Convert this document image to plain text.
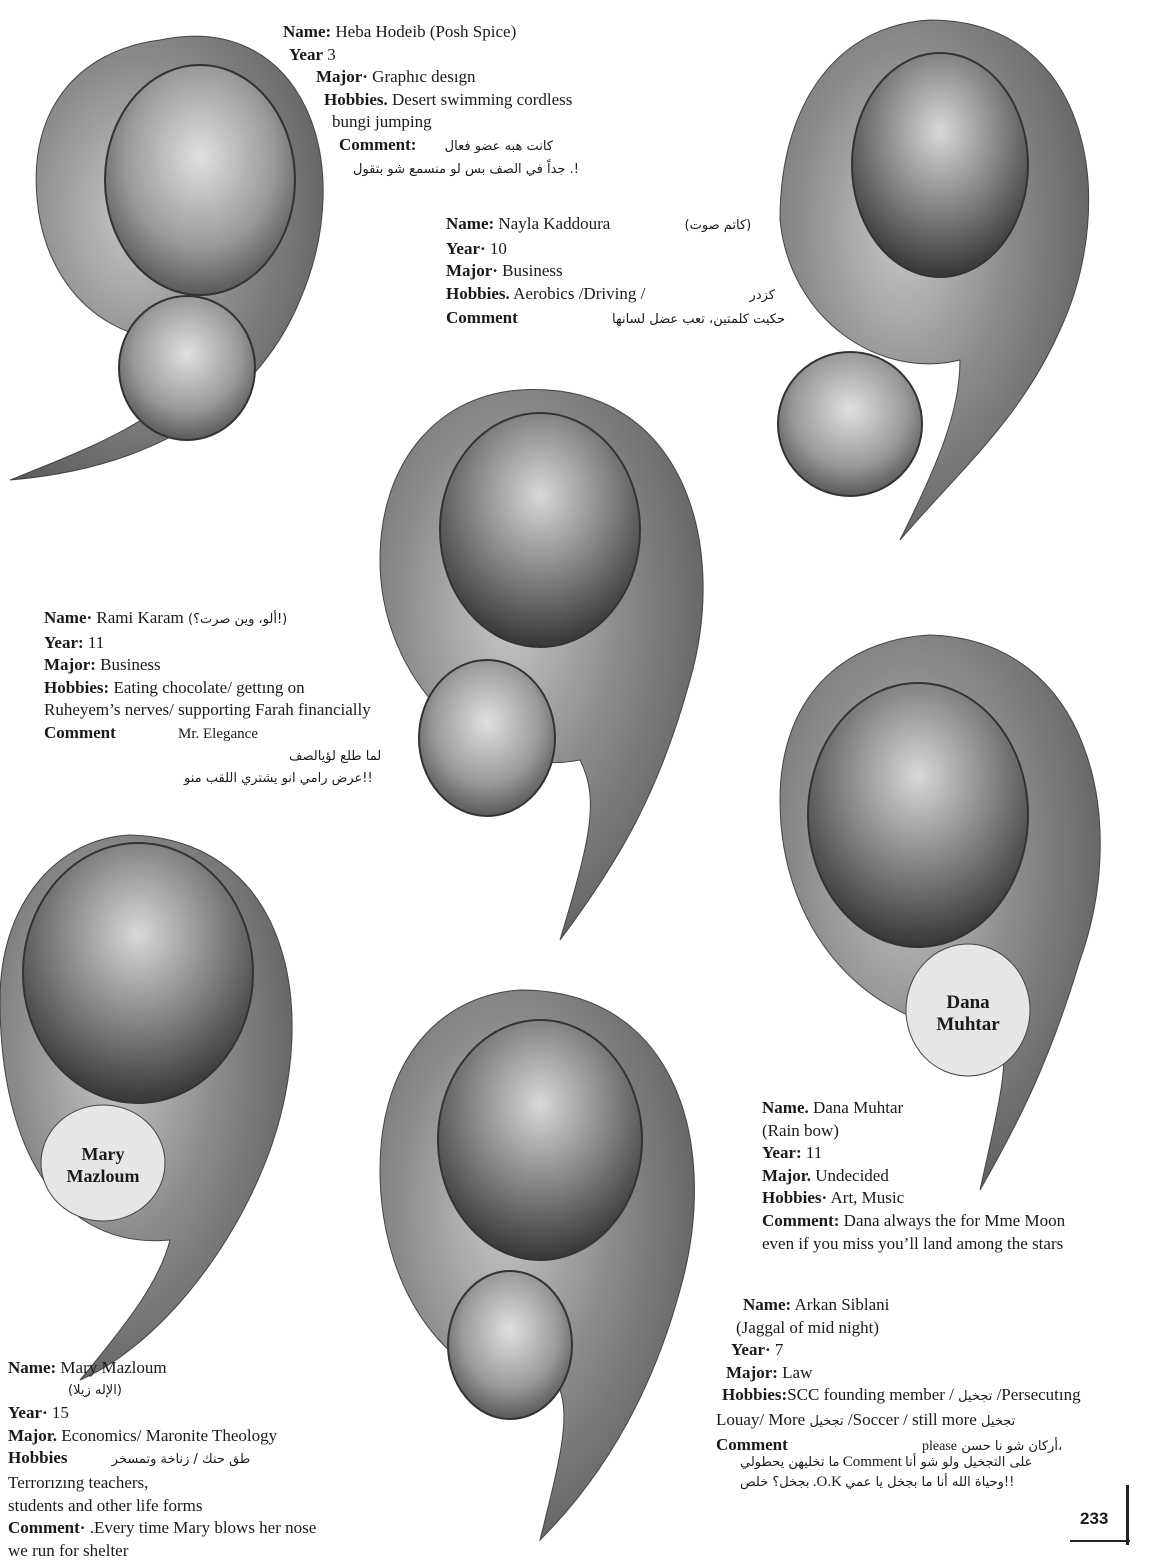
Name: Heba Hodeib (Posh Spice)
Year 3
Major· Graphıc desıgn
Hobbies. Desert swimming cordless
bungi jumping
Comment: كانت هبه عضو فعال
جداً في الصف بس لو منسمع شو بتقول .!
Name: Nayla Kaddoura	(كاتم صوت)
Year· 10
Major· Business
Hobbies. Aerobics /Driving /	كزدر
Comment	حكيت كلمتين، تعب عضل لسانها
Name· Rami Karam (ألو، وين صرت؟!)
Year: 11
Major: Business
Hobbies: Eating chocolate/ gettıng on
Ruheyem’s nerves/ supporting Farah financially
Comment	Mr. Elegance
لما طلع لؤيالصف
عرض رامي انو يشتري اللقب منو!!
Dana
Muhtar
Name. Dana Muhtar
(Rain bow)
Year: 11
Major. Undecided
Hobbies· Art, Music
Comment: Dana always the for Mme Moon
even if you miss you’ll land among the stars
Mary
Mazloum
Name: Mary Mazloum
(الإله زيلا)
Year· 15
Major. Economics/ Maronite Theology
Hobbies	طق حنك / زناخة وتمسخر
Terrorızıng teachers,
students and other life forms
Comment· .Every time Mary blows her nose
we run for shelter
Name: Arkan Siblani
(Jaggal of mid night)
Year· 7
Major: Law
Hobbies:SCC founding member / تجخيل /Persecutıng
Louay/ More تجخيل /Soccer / still more تجخيل
Comment	please أركان شو نا حسن،
ما تخليهن يحطولي Comment على التجخيل ولو شو أنا
بجخل؟ خلص .O.K وحياة الله أنا ما بجخل يا عمي!!
233
